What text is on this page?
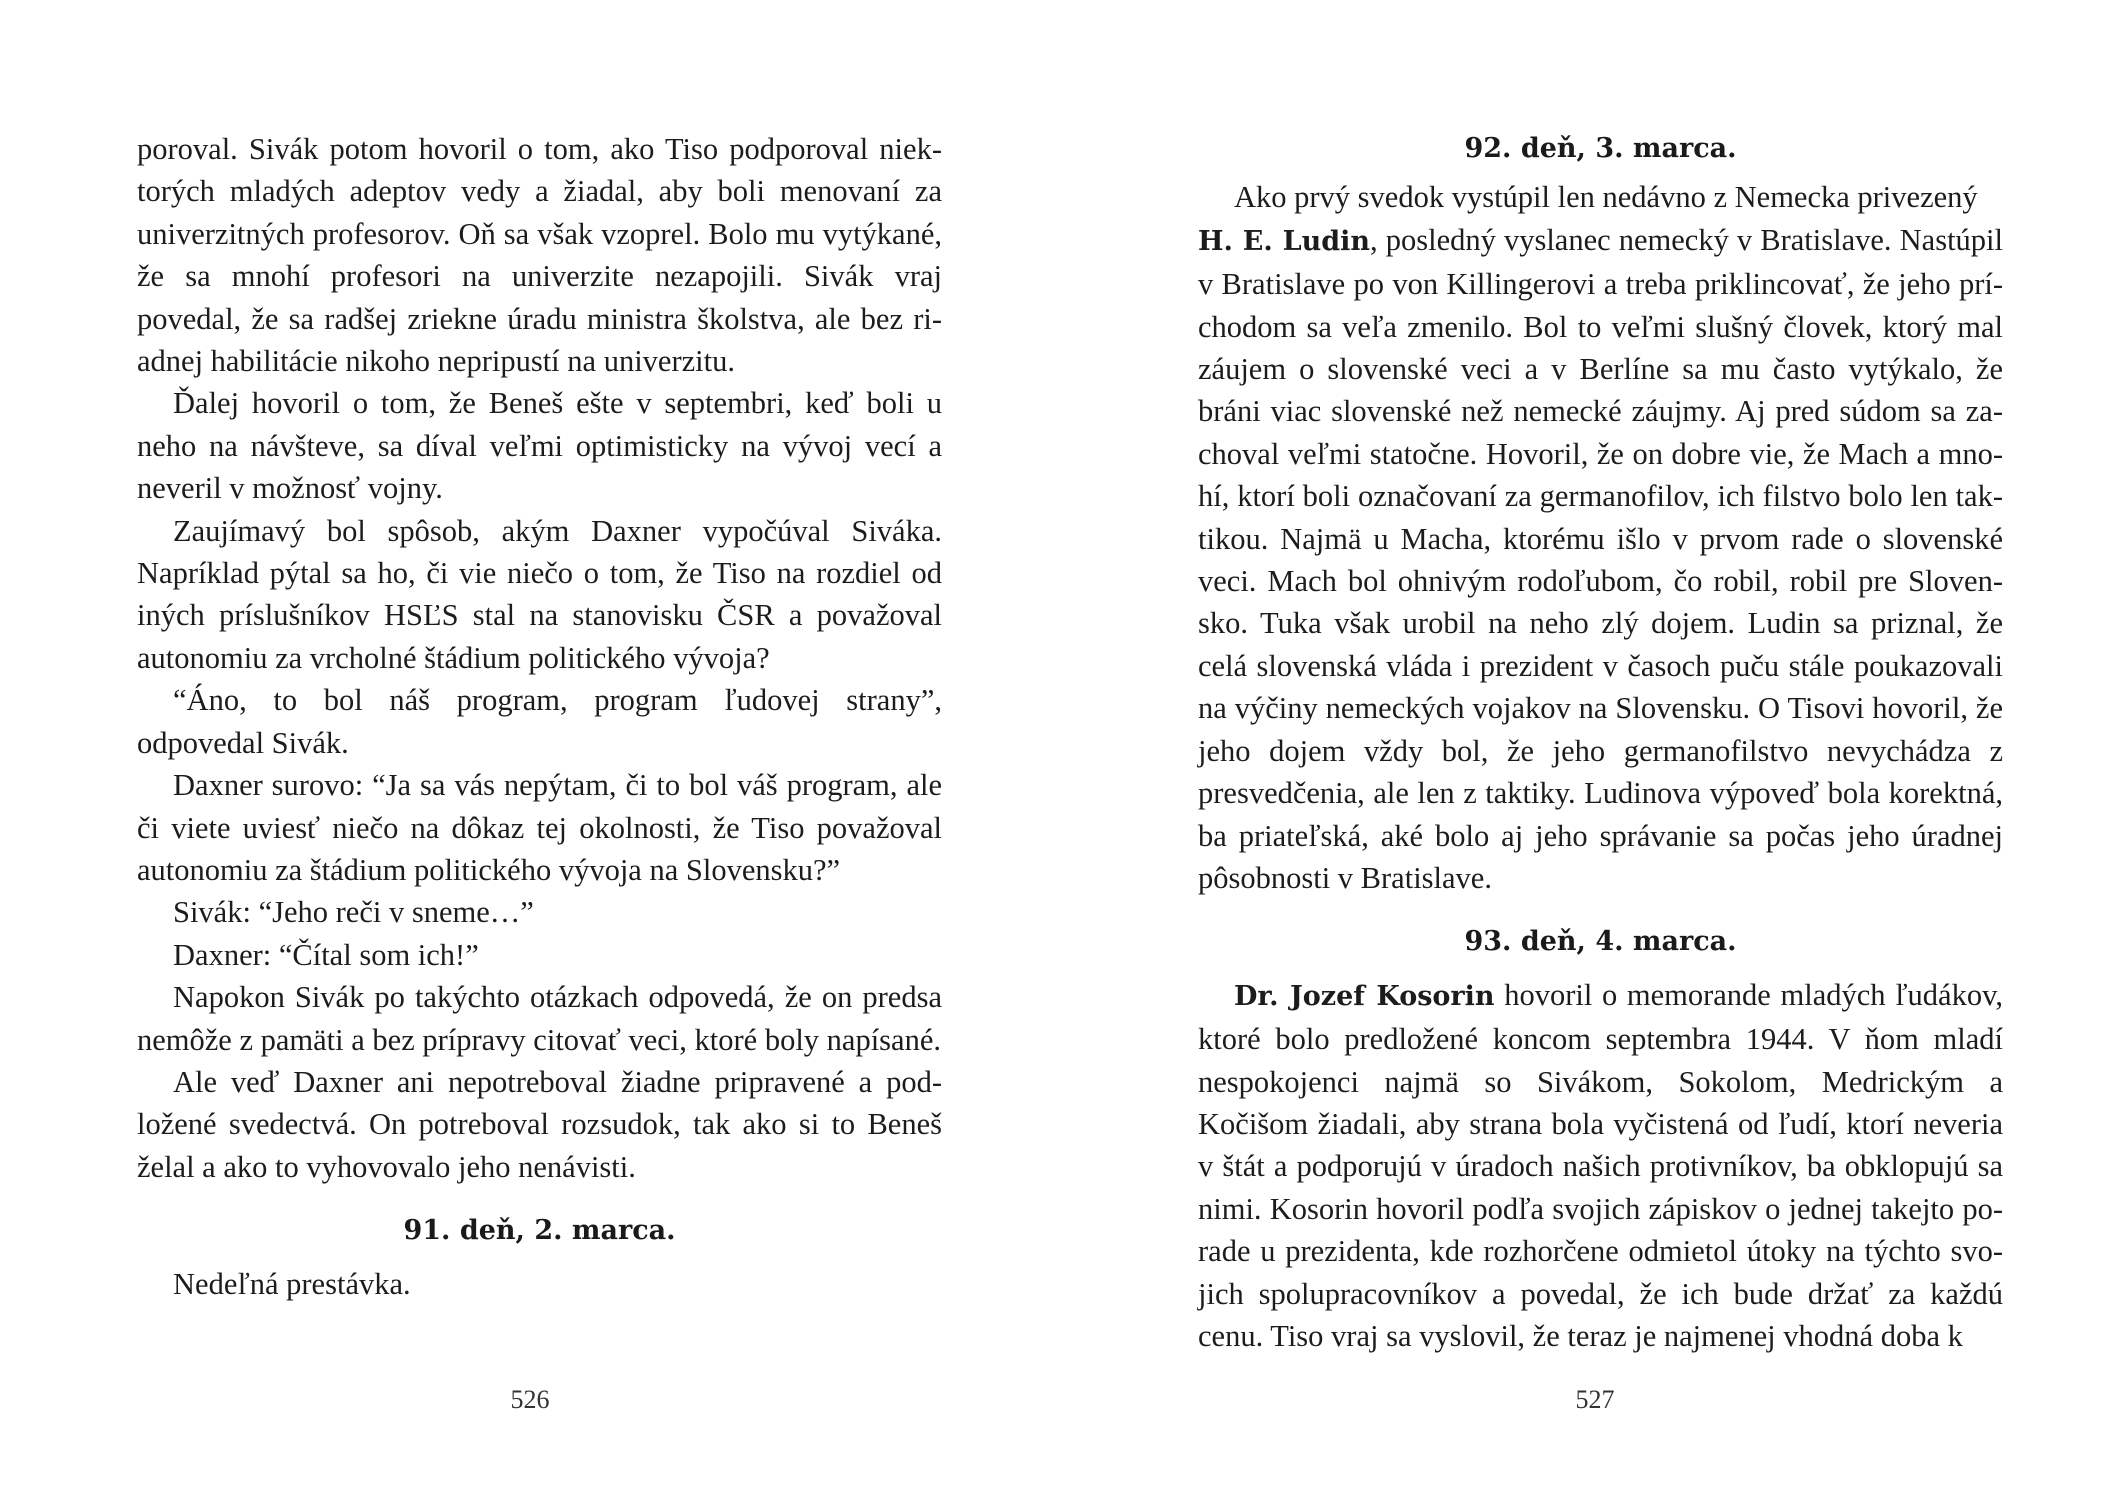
poroval. Sivák potom hovoril o tom, ako Tiso podporoval niektorých mladých adeptov vedy a žiadal, aby boli menovaní za univerzitných profesorov. Oň sa však vzoprel. Bolo mu vytýkané, že sa mnohí profesori na univerzite nezapojili. Sivák vraj povedal, že sa radšej zriekne úradu ministra školstva, ale bez riadnej habilitácie nikoho nepripustí na univerzitu.

Ďalej hovoril o tom, že Beneš ešte v septembri, keď boli u neho na návšteve, sa díval veľmi optimisticky na vývoj vecí a neveril v možnosť vojny.

Zaujímavý bol spôsob, akým Daxner vypočúval Siváka. Napríklad pýtal sa ho, či vie niečo o tom, že Tiso na rozdiel od iných príslušníkov HSĽS stal na stanovisku ČSR a považoval autonomiu za vrcholné štádium politického vývoja?

“Áno, to bol náš program, program ľudovej strany”, odpovedal Sivák.

Daxner surovo: “Ja sa vás nepýtam, či to bol váš program, ale či viete uviesť niečo na dôkaz tej okolnosti, že Tiso považoval autonomiu za štádium politického vývoja na Slovensku?”

Sivák: “Jeho reči v sneme…”

Daxner: “Čítal som ich!”

Napokon Sivák po takýchto otázkach odpovedá, že on predsa nemôže z pamäti a bez prípravy citovať veci, ktoré boly napísané.

Ale veď Daxner ani nepotreboval žiadne pripravené a podložené svedectvá. On potreboval rozsudok, tak ako si to Beneš želal a ako to vyhovovalo jeho nenávisti.

91. deň, 2. marca.

Nedeľná prestávka.

526
92. deň, 3. marca.

Ako prvý svedok vystúpil len nedávno z Nemecka privezený
H. E. Ludin, posledný vyslanec nemecký v Bratislave. Nastúpil v Bratislave po von Killingerovi a treba priklincovať, že jeho príchodom sa veľa zmenilo. Bol to veľmi slušný človek, ktorý mal záujem o slovenské veci a v Berlíne sa mu často vytýkalo, že bráni viac slovenské než nemecké záujmy. Aj pred súdom sa zachoval veľmi statočne. Hovoril, že on dobre vie, že Mach a mnohí, ktorí boli označovaní za germanofilov, ich filstvo bolo len taktikou. Najmä u Macha, ktorému išlo v prvom rade o slovenské veci. Mach bol ohnivým rodoľubom, čo robil, robil pre Slovensko. Tuka však urobil na neho zlý dojem. Ludin sa priznal, že celá slovenská vláda i prezident v časoch puču stále poukazovali na výčiny nemeckých vojakov na Slovensku. O Tisovi hovoril, že jeho dojem vždy bol, že jeho germanofilstvo nevychádza z presvedčenia, ale len z taktiky. Ludinova výpoveď bola korektná, ba priateľská, aké bolo aj jeho správanie sa počas jeho úradnej pôsobnosti v Bratislave.

93. deň, 4. marca.

Dr. Jozef Kosorin hovoril o memorande mladých ľudákov, ktoré bolo predložené koncom septembra 1944. V ňom mladí nespokojenci najmä so Sivákom, Sokolom, Medrickým a Kočišom žiadali, aby strana bola vyčistená od ľudí, ktorí neveria v štát a podporujú v úradoch našich protivníkov, ba obklopujú sa nimi. Kosorin hovoril podľa svojich zápiskov o jednej takejto porade u prezidenta, kde rozhorčene odmietol útoky na týchto svojich spolupracovníkov a povedal, že ich bude držať za každú cenu. Tiso vraj sa vyslovil, že teraz je najmenej vhodná doba k

527
